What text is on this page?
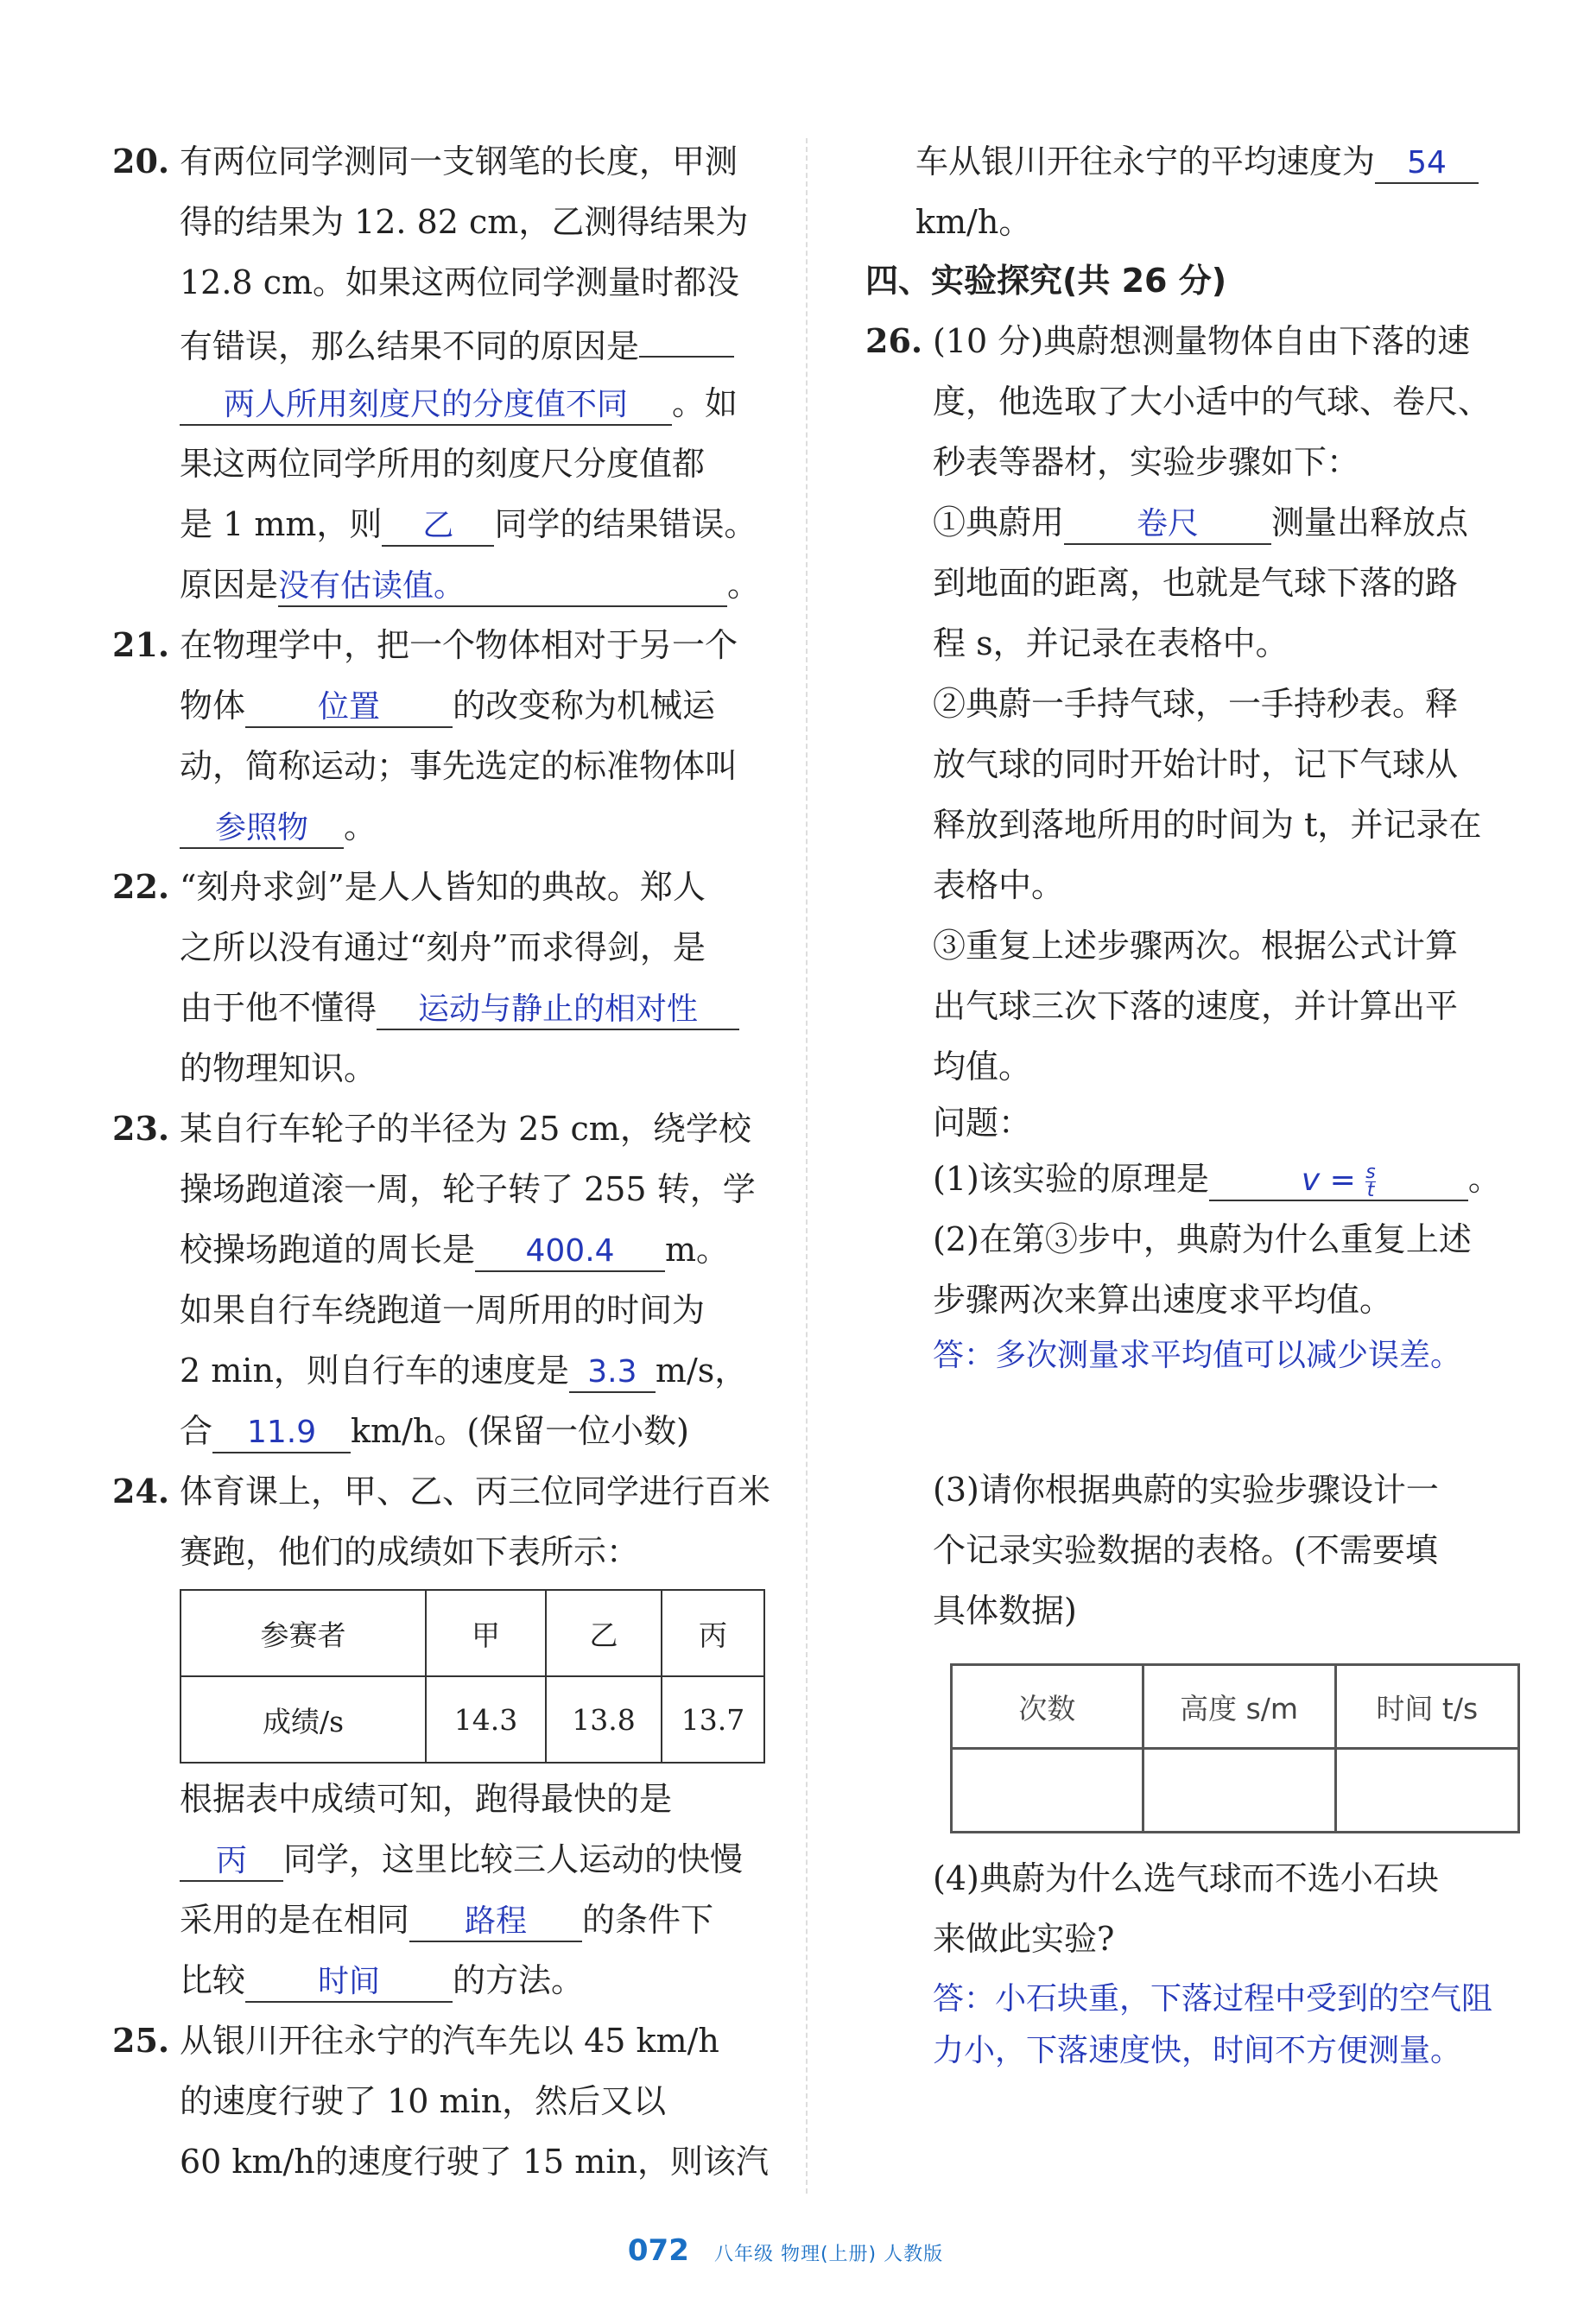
20. 有两位同学测同一支钢笔的长度，甲测
得的结果为 12. 82 cm，乙测得结果为
12.8 cm。如果这两位同学测量时都没
有错误，那么结果不同的原因是
两人所用刻度尺的分度值不同 。如
果这两位同学所用的刻度尺分度值都
是 1 mm，则 乙 同学的结果错误。
原因是没有估读值。	。
21. 在物理学中，把一个物体相对于另一个
物体 位置 的改变称为机械运
动，简称运动；事先选定的标准物体叫
参照物 。
22. “刻舟求剑”是人人皆知的典故。郑人
之所以没有通过“刻舟”而求得剑，是
由于他不懂得 运动与静止的相对性
的物理知识。
23. 某自行车轮子的半径为 25 cm，绕学校
操场跑道滚一周，轮子转了 255 转，学
校操场跑道的周长是 400.4 m。
如果自行车绕跑道一周所用的时间为
2 min，则自行车的速度是 3.3 m/s，
合 11.9 km/h。(保留一位小数)
24. 体育课上，甲、乙、丙三位同学进行百米
赛跑，他们的成绩如下表所示：
参赛者	甲	乙	丙
成绩/s	14.3	13.8	13.7
根据表中成绩可知，跑得最快的是
丙 同学，这里比较三人运动的快慢
采用的是在相同 路程 的条件下
比较 时间 的方法。
25. 从银川开往永宁的汽车先以 45 km/h
的速度行驶了 10 min，然后又以
60 km/h的速度行驶了 15 min，则该汽
车从银川开往永宁的平均速度为 54
km/h。
四、实验探究(共 26 分)
26. (10 分)典蔚想测量物体自由下落的速
度，他选取了大小适中的气球、卷尺、
秒表等器材，实验步骤如下：
①典蔚用 卷尺 测量出释放点
到地面的距离，也就是气球下落的路
程 s，并记录在表格中。
②典蔚一手持气球，一手持秒表。释
放气球的同时开始计时，记下气球从
释放到落地所用的时间为 t，并记录在
表格中。
③重复上述步骤两次。根据公式计算
出气球三次下落的速度，并计算出平
均值。
问题：
(1)该实验的原理是	$v = \frac{s}{t}$	。
(2)在第③步中，典蔚为什么重复上述
步骤两次来算出速度求平均值。
答：多次测量求平均值可以减少误差。
(3)请你根据典蔚的实验步骤设计一
个记录实验数据的表格。(不需要填
具体数据)
次数	高度 s/m	时间 t/s

(4)典蔚为什么选气球而不选小石块
来做此实验?
答：小石块重，下落过程中受到的空气阻
力小，下落速度快，时间不方便测量。
072 八年级 物理(上册) 人教版
